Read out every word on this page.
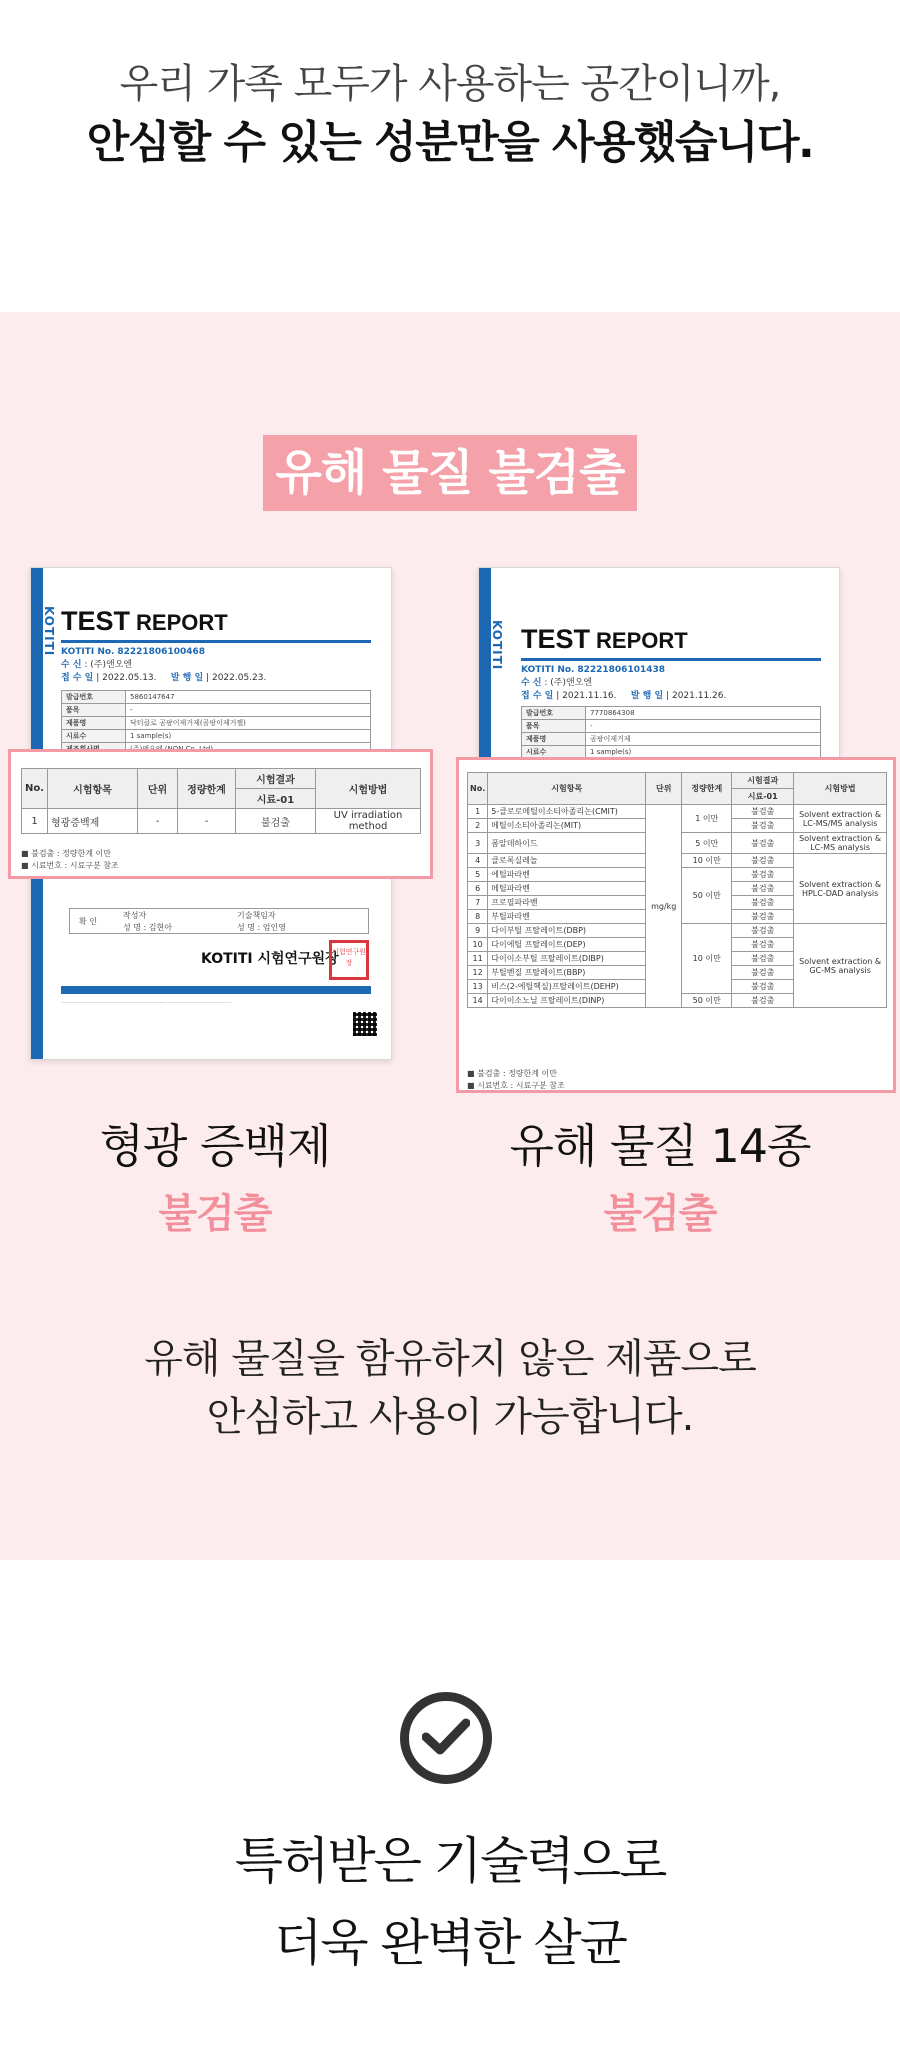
우리 가족 모두가 사용하는 공간이니까,
안심할 수 있는 성분만을 사용했습니다.
유해 물질 불검출
KOTITI TEST REPORT
KOTITI No. 82221806100468
수 신 : (주)앤오엔
접 수 일 | 2022.05.13. 발 행 일 | 2022.05.23.
발급번호	5860147647
품목	-
제품명	닥터클로 곰팡이제거제(곰팡이제거젤)
시료수	1 sample(s)

확 인
작성자
성 명 : 김현아
기술책임자
성 명 : 엄인영
KOTITI 시험연구원장
시험연구원장
···········································································································
No.	시험항목	단위	정량한계	시험결과	시험방법
				시료-01	
1	형광증백제	-	-	불검출	UV irradiation method
■ 불검출 : 정량한계 이만
■ 시료번호 : 시료구분 참조
KOTITI TEST REPORT
KOTITI No. 82221806101438
수 신 : (주)앤오엔
접 수 일 | 2021.11.16. 발 행 일 | 2021.11.26.
발급번호	7770864308
품목	-
제품명	곰팡이제거제
시료수	1 sample(s)
No.	시험항목	단위	정량한계	시험결과	시험방법
				시료-01	
1	5-클로로메틸이소티아졸리논(CMIT)	mg/kg	1 이만	불검출	Solvent extraction & LC-MS/MS analysis
2	메틸이소티아졸리논(MIT)			불검출	
3	폼알데하이드		5 이만	불검출	Solvent extraction & LC-MS analysis
4	클로록실레놀		10 이만	불검출	Solvent extraction & HPLC-DAD analysis
5	에틸파라벤		50 이만	불검출	
6	메틸파라벤			불검출	
7	프로필파라벤			불검출	
8	부틸파라벤			불검출	
9	다이부틸 프탈레이트(DBP)		10 이만	불검출	Solvent extraction & GC-MS analysis
10	다이에틸 프탈레이트(DEP)			불검출	
11	다이이소부틸 프탈레이트(DIBP)			불검출	
12	부틸벤질 프탈레이트(BBP)			불검출	
13	비스(2-에틸헥실)프탈레이트(DEHP)			불검출	
14	다이이소노닐 프탈레이트(DINP)		50 이만	불검출	
■ 불검출 : 정량한계 이만
■ 시료번호 : 시료구분 참조
형광 증백제
불검출
유해 물질 14종
불검출
유해 물질을 함유하지 않은 제품으로
안심하고 사용이 가능합니다.
특허받은 기술력으로
더욱 완벽한 살균
